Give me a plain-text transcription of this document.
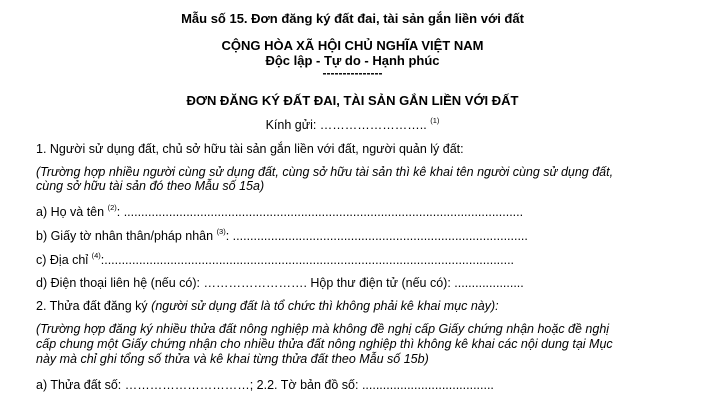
Mẫu số 15. Đơn đăng ký đất đai, tài sản gắn liền với đất
CỘNG HÒA XÃ HỘI CHỦ NGHĨA VIỆT NAM
Độc lập - Tự do - Hạnh phúc
---------------
ĐƠN ĐĂNG KÝ ĐẤT ĐAI, TÀI SẢN GẮN LIỀN VỚI ĐẤT
Kính gửi: …………………….. $^{(1)}$
1. Người sử dụng đất, chủ sở hữu tài sản gắn liền với đất, người quản lý đất:
(Trường hợp nhiều người cùng sử dụng đất, cùng sở hữu tài sản thì kê khai tên người cùng sử dụng đất,
cùng sở hữu tài sản đó theo Mẫu số 15a)
a) Họ và tên $^{(2)}$: ...................................................................................................................
b) Giấy tờ nhân thân/pháp nhân $^{(3)}$: .....................................................................................
c) Địa chỉ $^{(4)}$:......................................................................................................................
d) Điện thoại liên hệ (nếu có): ……………………. Hộp thư điện tử (nếu có): ....................
2. Thửa đất đăng ký (người sử dụng đất là tổ chức thì không phải kê khai mục này):
(Trường hợp đăng ký nhiều thửa đất nông nghiệp mà không đề nghị cấp Giấy chứng nhận hoặc đề nghị
cấp chung một Giấy chứng nhận cho nhiều thửa đất nông nghiệp thì không kê khai các nội dung tại Mục
này mà chỉ ghi tổng số thửa và kê khai từng thửa đất theo Mẫu số 15b)
a) Thửa đất số: …………………………; 2.2. Tờ bản đồ số: ......................................
